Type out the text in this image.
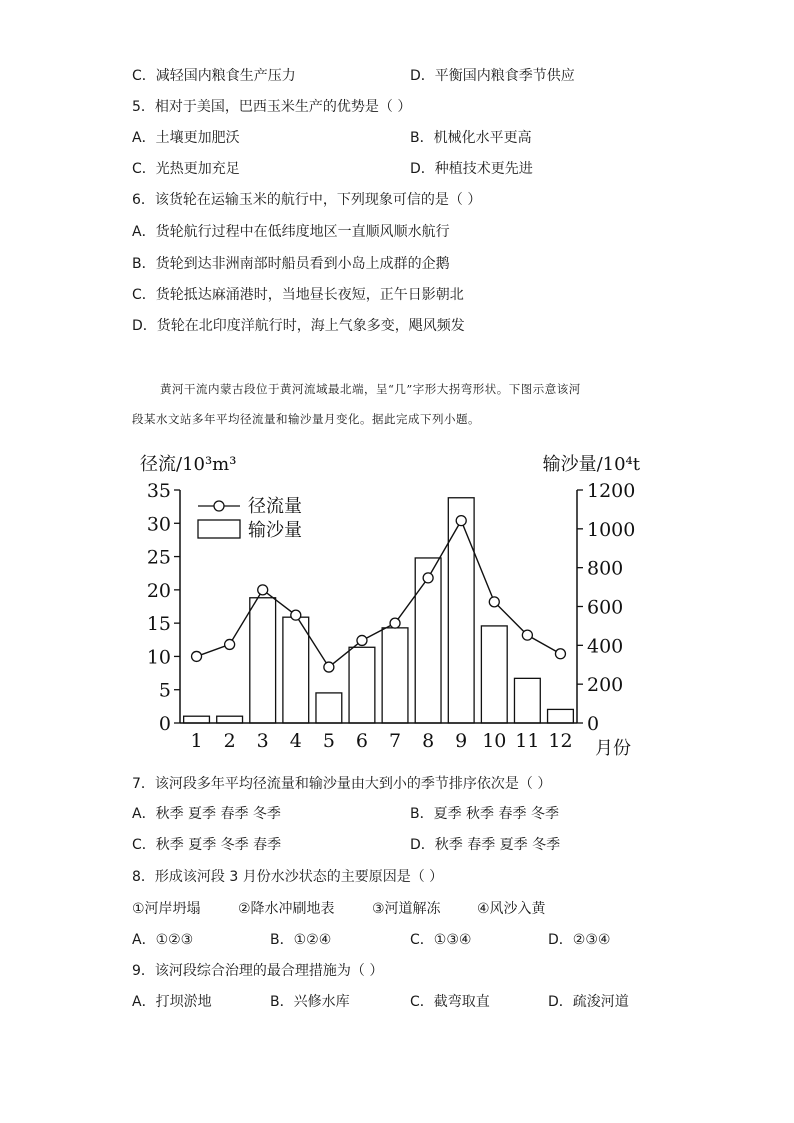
C．减轻国内粮食生产压力	D．平衡国内粮食季节供应
5．相对于美国，巴西玉米生产的优势是（ ）
A．土壤更加肥沃	B．机械化水平更高
C．光热更加充足	D．种植技术更先进
6．该货轮在运输玉米的航行中，下列现象可信的是（ ）
A．货轮航行过程中在低纬度地区一直顺风顺水航行
B．货轮到达非洲南部时船员看到小岛上成群的企鹅
C．货轮抵达麻涌港时，当地昼长夜短，正午日影朝北
D．货轮在北印度洋航行时，海上气象多变，飓风频发
黄河干流内蒙古段位于黄河流域最北端，呈“几”字形大拐弯形状。下图示意该河
段某水文站多年平均径流量和输沙量月变化。据此完成下列小题。
径流/10³m³	输沙量/10⁴t
0
5
10
15
20
25
30
35
0
200
400
600
800
1000
1200
1 2 3 4 5 6 7 8 9 10 11 12
径流量
输沙量
月份
7．该河段多年平均径流量和输沙量由大到小的季节排序依次是（ ）
A．秋季 夏季 春季 冬季	B．夏季 秋季 春季 冬季
C．秋季 夏季 冬季 春季	D．秋季 春季 夏季 冬季
8．形成该河段 3 月份水沙状态的主要原因是（ ）
①河岸坍塌	②降水冲刷地表	③河道解冻	④风沙入黄
A．①②③	B．①②④	C．①③④	D．②③④
9．该河段综合治理的最合理措施为（ ）
A．打坝淤地	B．兴修水库	C．截弯取直	D．疏浚河道
